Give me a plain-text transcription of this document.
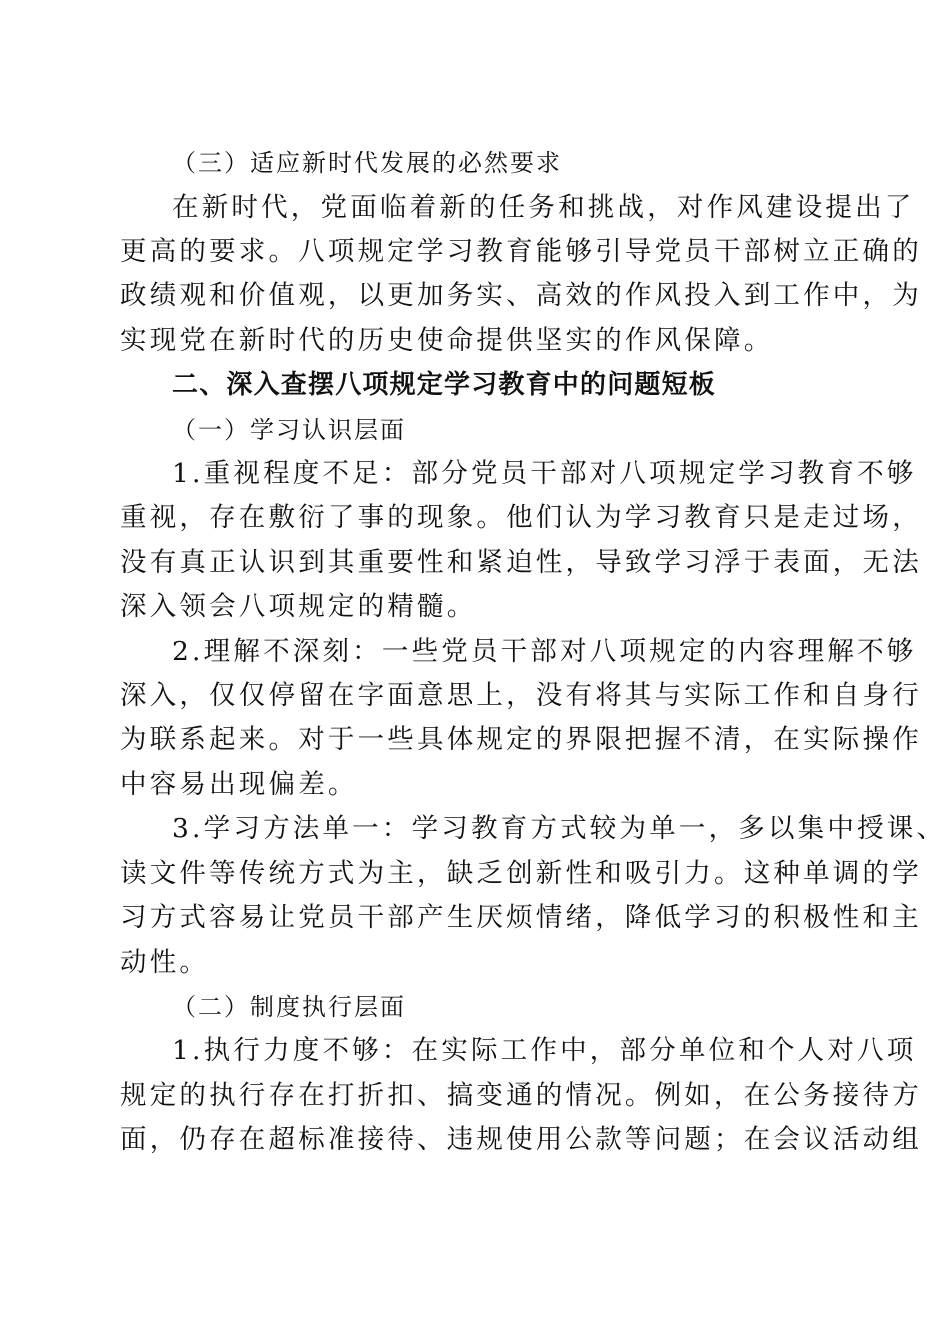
（三）适应新时代发展的必然要求
在新时代，党面临着新的任务和挑战，对作风建设提出了
更高的要求。八项规定学习教育能够引导党员干部树立正确的
政绩观和价值观，以更加务实、高效的作风投入到工作中，为
实现党在新时代的历史使命提供坚实的作风保障。
二、深入查摆八项规定学习教育中的问题短板
（一）学习认识层面
1.重视程度不足：部分党员干部对八项规定学习教育不够
重视，存在敷衍了事的现象。他们认为学习教育只是走过场，
没有真正认识到其重要性和紧迫性，导致学习浮于表面，无法
深入领会八项规定的精髓。
2.理解不深刻：一些党员干部对八项规定的内容理解不够
深入，仅仅停留在字面意思上，没有将其与实际工作和自身行
为联系起来。对于一些具体规定的界限把握不清，在实际操作
中容易出现偏差。
3.学习方法单一：学习教育方式较为单一，多以集中授课、
读文件等传统方式为主，缺乏创新性和吸引力。这种单调的学
习方式容易让党员干部产生厌烦情绪，降低学习的积极性和主
动性。
（二）制度执行层面
1.执行力度不够：在实际工作中，部分单位和个人对八项
规定的执行存在打折扣、搞变通的情况。例如，在公务接待方
面，仍存在超标准接待、违规使用公款等问题；在会议活动组
